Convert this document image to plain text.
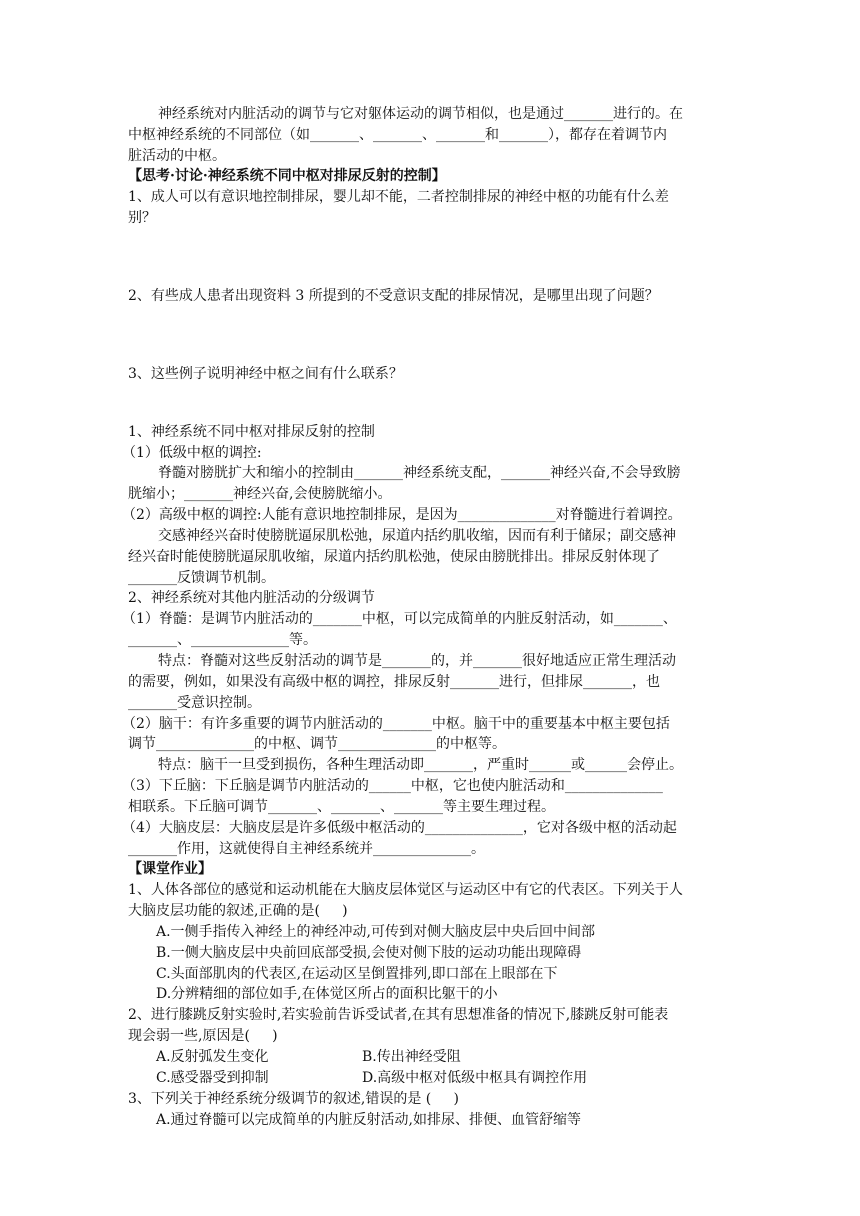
神经系统对内脏活动的调节与它对躯体运动的调节相似，也是通过_______进行的。在
中枢神经系统的不同部位（如_______、_______、_______和_______），都存在着调节内
脏活动的中枢。
【思考·讨论·神经系统不同中枢对排尿反射的控制】
1、成人可以有意识地控制排尿，婴儿却不能，二者控制排尿的神经中枢的功能有什么差
别？
2、有些成人患者出现资料 3 所提到的不受意识支配的排尿情况，是哪里出现了问题？
3、这些例子说明神经中枢之间有什么联系？
1、神经系统不同中枢对排尿反射的控制
（1）低级中枢的调控:
脊髓对膀胱扩大和缩小的控制由_______神经系统支配，_______神经兴奋,不会导致膀
胱缩小；_______神经兴奋,会使膀胱缩小。
（2）高级中枢的调控:人能有意识地控制排尿，是因为______________对脊髓进行着调控。
交感神经兴奋时使膀胱逼尿肌松弛，尿道内括约肌收缩，因而有利于储尿；副交感神
经兴奋时能使膀胱逼尿肌收缩，尿道内括约肌松弛，使尿由膀胱排出。排尿反射体现了
_______反馈调节机制。
2、神经系统对其他内脏活动的分级调节
（1）脊髓：是调节内脏活动的_______中枢，可以完成简单的内脏反射活动，如_______、
_______、______________等。
特点：脊髓对这些反射活动的调节是_______的，并_______很好地适应正常生理活动
的需要，例如，如果没有高级中枢的调控，排尿反射_______进行，但排尿_______，也
_______受意识控制。
（2）脑干：有许多重要的调节内脏活动的_______中枢。脑干中的重要基本中枢主要包括
调节______________的中枢、调节______________的中枢等。
特点：脑干一旦受到损伤，各种生理活动即_______，严重时______或______会停止。
（3）下丘脑：下丘脑是调节内脏活动的______中枢，它也使内脏活动和______________
相联系。下丘脑可调节_______、_______、_______等主要生理过程。
（4）大脑皮层：大脑皮层是许多低级中枢活动的______________，它对各级中枢的活动起
_______作用，这就使得自主神经系统并______________。
【课堂作业】
1、人体各部位的感觉和运动机能在大脑皮层体觉区与运动区中有它的代表区。下列关于人
大脑皮层功能的叙述,正确的是(     )
A.一侧手指传入神经上的神经冲动,可传到对侧大脑皮层中央后回中间部
B.一侧大脑皮层中央前回底部受损,会使对侧下肢的运动功能出现障碍
C.头面部肌肉的代表区,在运动区呈倒置排列,即口部在上眼部在下
D.分辨精细的部位如手,在体觉区所占的面积比躯干的小
2、进行膝跳反射实验时,若实验前告诉受试者,在其有思想准备的情况下,膝跳反射可能表
现会弱一些,原因是(     )
A.反射弧发生变化	B.传出神经受阻
C.感受器受到抑制	D.高级中枢对低级中枢具有调控作用
3、下列关于神经系统分级调节的叙述,错误的是 (     )
A.通过脊髓可以完成简单的内脏反射活动,如排尿、排便、血管舒缩等
